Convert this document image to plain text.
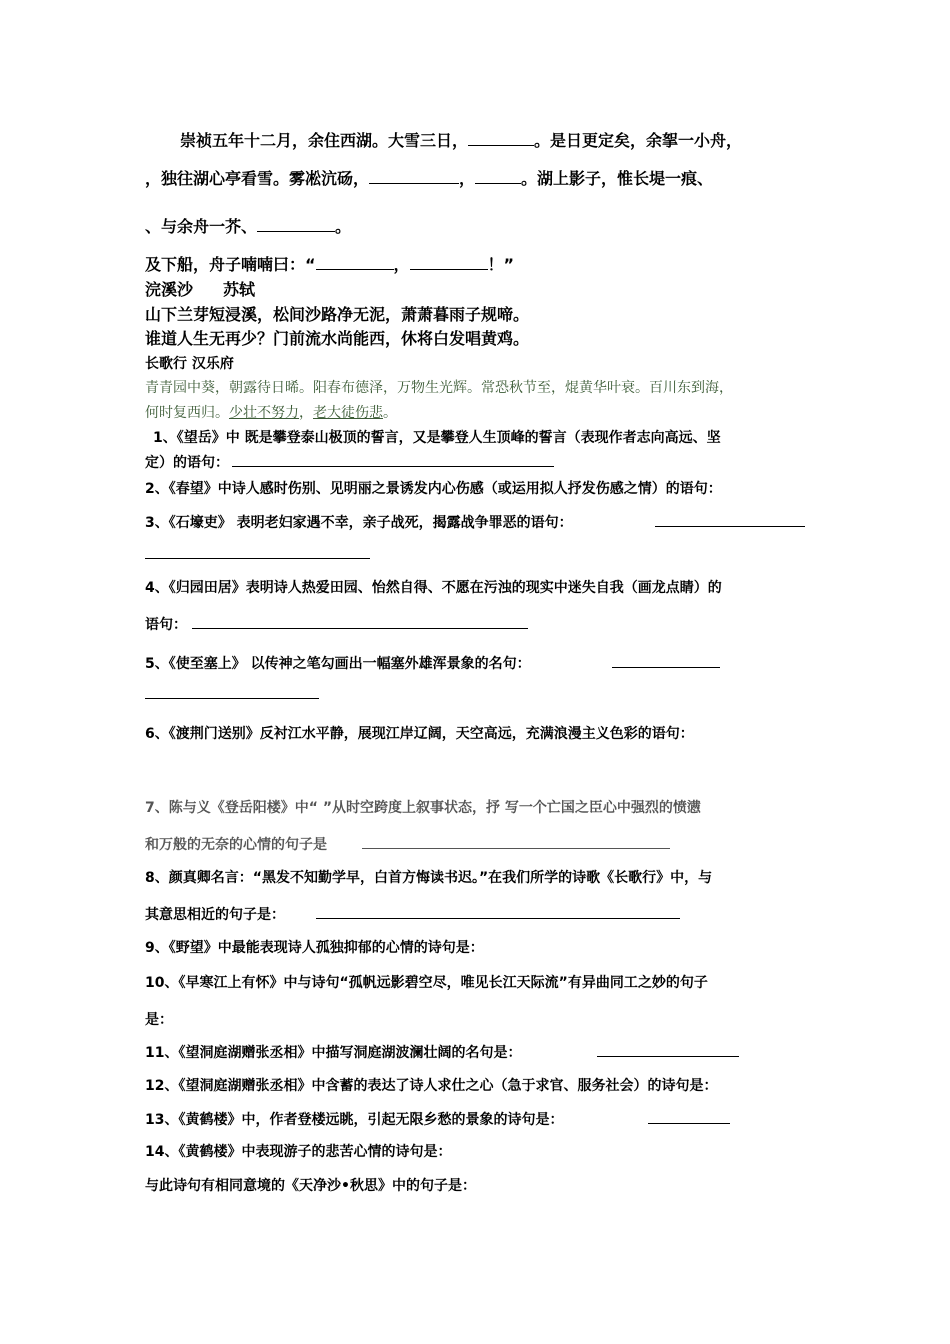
崇祯五年十二月，余住西湖。大雪三日，	。是日更定矣，余挐一小舟，
，独往湖心亭看雪。雾凇沆砀，	，	。湖上影子，惟长堤一痕、
、与余舟一芥、	。
及下船，舟子喃喃曰：“	，	！”
浣溪沙 苏轼
山下兰芽短浸溪，松间沙路净无泥，萧萧暮雨子规啼。
谁道人生无再少？门前流水尚能西，休将白发唱黄鸡。
长歌行 汉乐府
青青园中葵，朝露待日晞。阳春布德泽，万物生光辉。常恐秋节至，焜黄华叶衰。百川东到海，
何时复西归。少壮不努力，老大徒伤悲。
1、《望岳》中 既是攀登泰山极顶的誓言，又是攀登人生顶峰的誓言（表现作者志向高远、坚
定）的语句：
2、《春望》中诗人感时伤别、见明丽之景诱发内心伤感（或运用拟人抒发伤感之情）的语句：
3、《石壕吏》 表明老妇家遇不幸，亲子战死，揭露战争罪恶的语句：
4、《归园田居》表明诗人热爱田园、怡然自得、不愿在污浊的现实中迷失自我（画龙点睛）的
语句：
5、《使至塞上》 以传神之笔勾画出一幅塞外雄浑景象的名句：
6、《渡荆门送别》反衬江水平静，展现江岸辽阔，天空高远，充满浪漫主义色彩的语句：
7、陈与义《登岳阳楼》中“ ”从时空跨度上叙事状态，抒 写一个亡国之臣心中强烈的愤懑
和万般的无奈的心情的句子是
8、颜真卿名言：“黑发不知勤学早，白首方悔读书迟。”在我们所学的诗歌《长歌行》中，与
其意思相近的句子是：
9、《野望》中最能表现诗人孤独抑郁的心情的诗句是：
10、《早寒江上有怀》中与诗句“孤帆远影碧空尽，唯见长江天际流”有异曲同工之妙的句子
是：
11、《望洞庭湖赠张丞相》中描写洞庭湖波澜壮阔的名句是：
12、《望洞庭湖赠张丞相》中含蓄的表达了诗人求仕之心（急于求官、服务社会）的诗句是：
13、《黄鹤楼》中，作者登楼远眺，引起无限乡愁的景象的诗句是：
14、《黄鹤楼》中表现游子的悲苦心情的诗句是：
与此诗句有相同意境的《天净沙•秋思》中的句子是：
